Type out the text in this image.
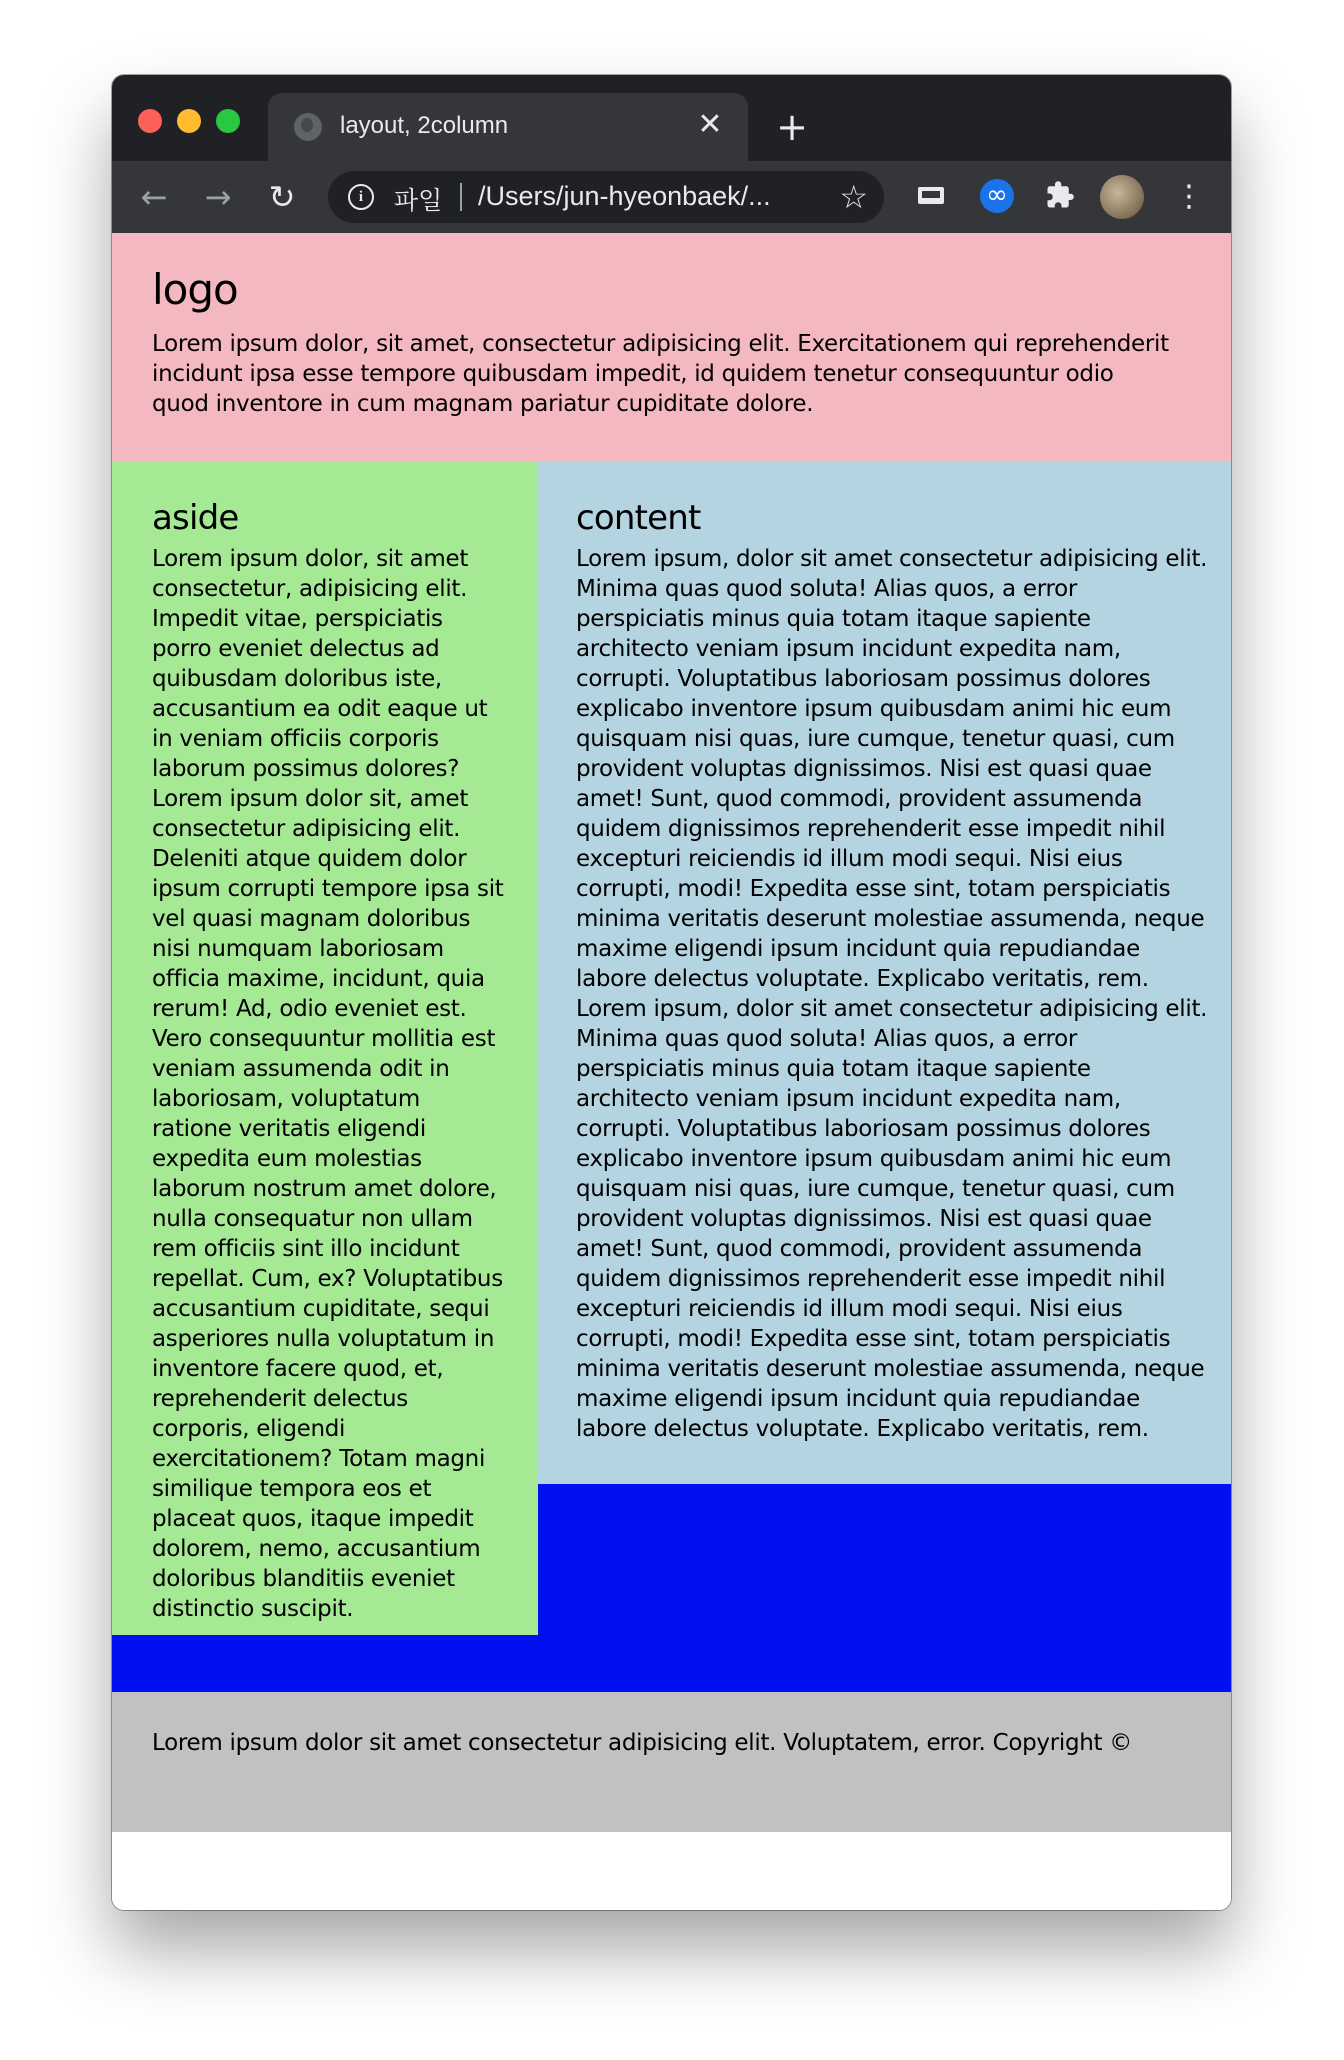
layout, 2column	✕ +
← → ↻	i	파일 /Users/jun-hyeonbaek/...	☆
∞	⋮
logo
Lorem ipsum dolor, sit amet, consectetur adipisicing elit. Exercitationem qui reprehenderit incidunt ipsa esse tempore quibusdam impedit, id quidem tenetur consequuntur odio quod inventore in cum magnam pariatur cupiditate dolore.
aside
Lorem ipsum dolor, sit amet consectetur, adipisicing elit. Impedit vitae, perspiciatis porro eveniet delectus ad quibusdam doloribus iste, accusantium ea odit eaque ut in veniam officiis corporis laborum possimus dolores? Lorem ipsum dolor sit, amet consectetur adipisicing elit. Deleniti atque quidem dolor ipsum corrupti tempore ipsa sit vel quasi magnam doloribus nisi numquam laboriosam officia maxime, incidunt, quia rerum! Ad, odio eveniet est. Vero consequuntur mollitia est veniam assumenda odit in laboriosam, voluptatum ratione veritatis eligendi expedita eum molestias laborum nostrum amet dolore, nulla consequatur non ullam rem officiis sint illo incidunt repellat. Cum, ex? Voluptatibus accusantium cupiditate, sequi asperiores nulla voluptatum in inventore facere quod, et, reprehenderit delectus corporis, eligendi exercitationem? Totam magni similique tempora eos et placeat quos, itaque impedit dolorem, nemo, accusantium doloribus blanditiis eveniet distinctio suscipit.
content
Lorem ipsum, dolor sit amet consectetur adipisicing elit. Minima quas quod soluta! Alias quos, a error perspiciatis minus quia totam itaque sapiente architecto veniam ipsum incidunt expedita nam, corrupti. Voluptatibus laboriosam possimus dolores explicabo inventore ipsum quibusdam animi hic eum quisquam nisi quas, iure cumque, tenetur quasi, cum provident voluptas dignissimos. Nisi est quasi quae amet! Sunt, quod commodi, provident assumenda quidem dignissimos reprehenderit esse impedit nihil excepturi reiciendis id illum modi sequi. Nisi eius corrupti, modi! Expedita esse sint, totam perspiciatis minima veritatis deserunt molestiae assumenda, neque maxime eligendi ipsum incidunt quia repudiandae labore delectus voluptate. Explicabo veritatis, rem. Lorem ipsum, dolor sit amet consectetur adipisicing elit. Minima quas quod soluta! Alias quos, a error perspiciatis minus quia totam itaque sapiente architecto veniam ipsum incidunt expedita nam, corrupti. Voluptatibus laboriosam possimus dolores explicabo inventore ipsum quibusdam animi hic eum quisquam nisi quas, iure cumque, tenetur quasi, cum provident voluptas dignissimos. Nisi est quasi quae amet! Sunt, quod commodi, provident assumenda quidem dignissimos reprehenderit esse impedit nihil excepturi reiciendis id illum modi sequi. Nisi eius corrupti, modi! Expedita esse sint, totam perspiciatis minima veritatis deserunt molestiae assumenda, neque maxime eligendi ipsum incidunt quia repudiandae labore delectus voluptate. Explicabo veritatis, rem.
Lorem ipsum dolor sit amet consectetur adipisicing elit. Voluptatem, error. Copyright ©
